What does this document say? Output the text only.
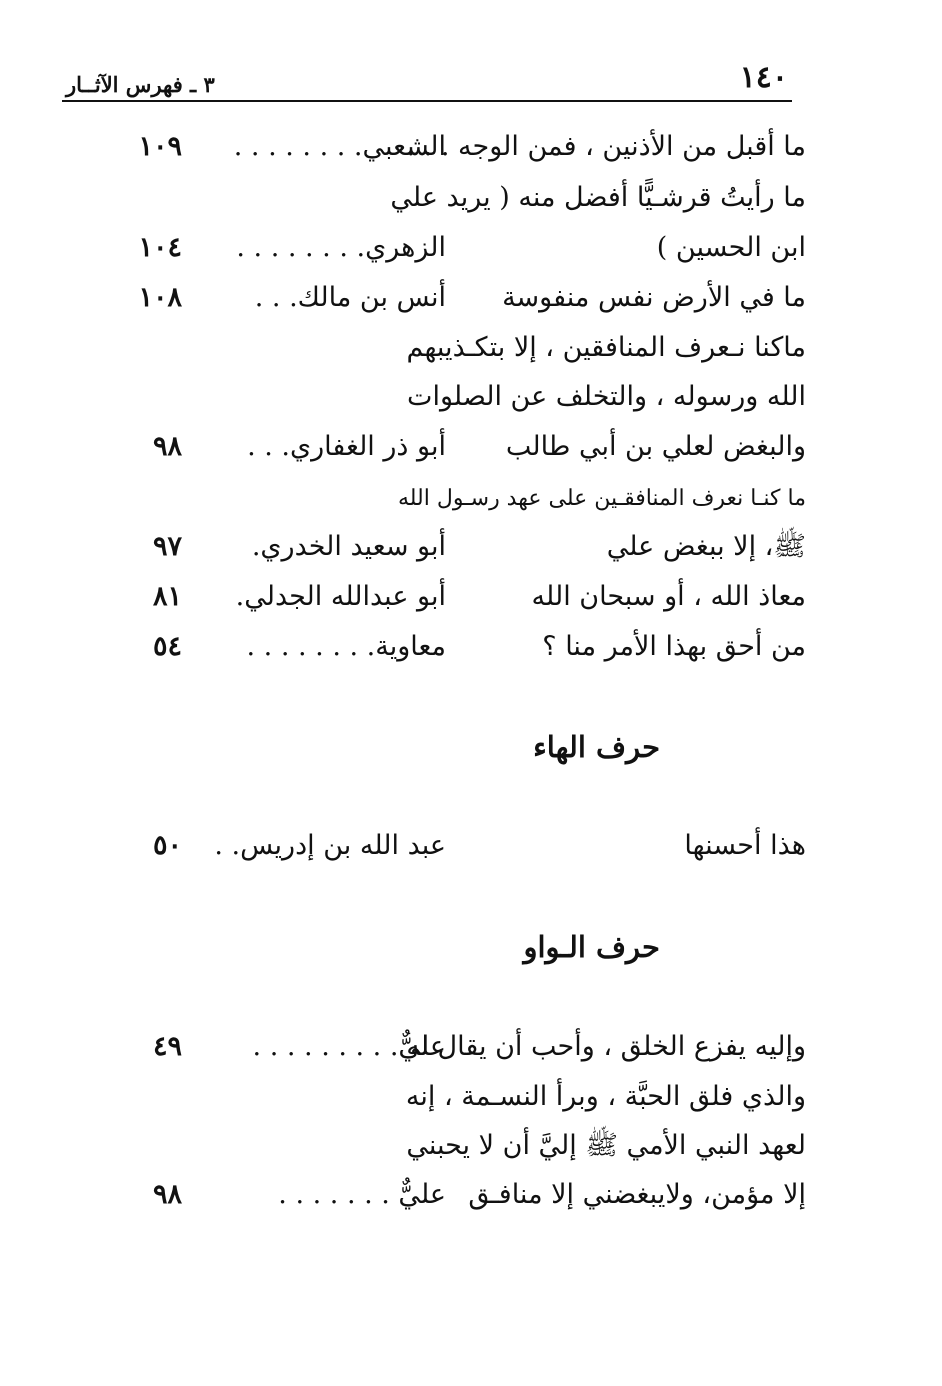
١٤٠
٣ ـ فهرس الآثــار
ما أقبل من الأذنين ، فمن الوجه . . .
الشعبي. . . . . . . .
١٠٩
ما رأيتُ قرشـيًّا أفضل منه ( يريد علي
ابن الحسين )
الزهري. . . . . . . .
١٠٤
ما في الأرض نفس منفوسة
أنس بن مالك. . .
١٠٨
ماكنا نـعرف المنافقين ، إلا بتكـذيبهم
الله ورسوله ، والتخلف عن الصلوات
والبغض لعلي بن أبي طالب
أبو ذر الغفاري. . .
٩٨
ما كنـا نعرف المنافقـين على عهد رسـول الله
ﷺ، إلا ببغض علي
أبو سعيد الخدري.
٩٧
معاذ الله ، أو سبحان الله
أبو عبدالله الجدلي.
٨١
من أحق بهذا الأمر منا ؟
معاوية. . . . . . . .
٥٤
حرف الهاء
هذا أحسنها
عبد الله بن إدريس. .
٥٠
حرف الـواو
وإليه يفزع الخلق ، وأحب أن يقال له
عليٌّ. . . . . . . . .
٤٩
والذي فلق الحبَّة ، وبرأ النسـمة ، إنه
لعهد النبي الأمي ﷺ إليَّ أن لا يحبني
إلا مؤمن، ولايبغضني إلا منافـق
عليٌّ . . . . . . .
٩٨
